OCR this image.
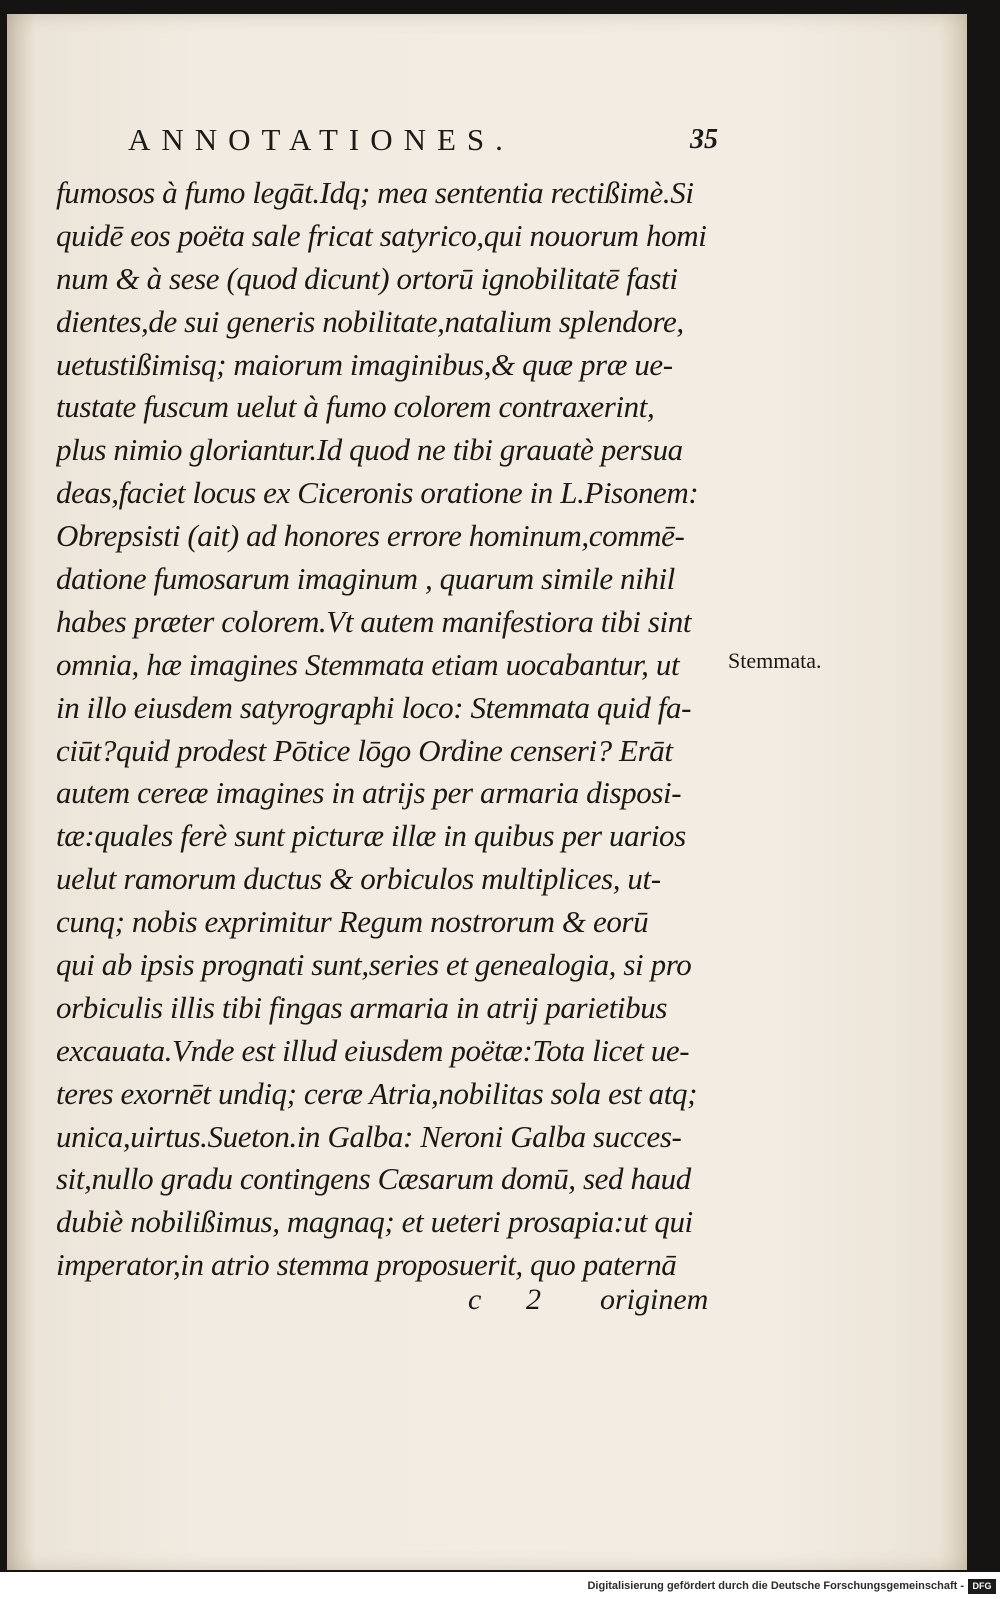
ANNOTATIONES.	35
fumosos à fumo legāt.Idq; mea sententia rectißimè.Si
quidē eos poëta sale fricat satyrico,qui nouorum homi
num & à sese (quod dicunt) ortorū ignobilitatē fasti
dientes,de sui generis nobilitate,natalium splendore,
uetustißimisq; maiorum imaginibus,& quæ præ ue-
tustate fuscum uelut à fumo colorem contraxerint,
plus nimio gloriantur.Id quod ne tibi grauatè persua
deas,faciet locus ex Ciceronis oratione in L.Pisonem:
Obrepsisti (ait) ad honores errore hominum,commē-
datione fumosarum imaginum , quarum simile nihil
habes præter colorem.Vt autem manifestiora tibi sint
omnia, hæ imagines Stemmata etiam uocabantur, ut
in illo eiusdem satyrographi loco: Stemmata quid fa-
ciūt?quid prodest Pōtice lōgo Ordine censeri? Erāt
autem cereæ imagines in atrijs per armaria disposi-
tæ:quales ferè sunt picturæ illæ in quibus per uarios
uelut ramorum ductus & orbiculos multiplices, ut-
cunq; nobis exprimitur Regum nostrorum & eorū
qui ab ipsis prognati sunt,series et genealogia, si pro
orbiculis illis tibi fingas armaria in atrij parietibus
excauata.Vnde est illud eiusdem poëtæ:Tota licet ue-
teres exornēt undiq; ceræ Atria,nobilitas sola est atq;
unica,uirtus.Sueton.in Galba: Neroni Galba succes-
sit,nullo gradu contingens Cæsarum domū, sed haud
dubiè nobilißimus, magnaq; et ueteri prosapia:ut qui
imperator,in atrio stemma proposuerit, quo paternā
Stemmata.
c 2 originem
Digitalisierung gefördert durch die Deutsche Forschungsgemeinschaft - DFG
